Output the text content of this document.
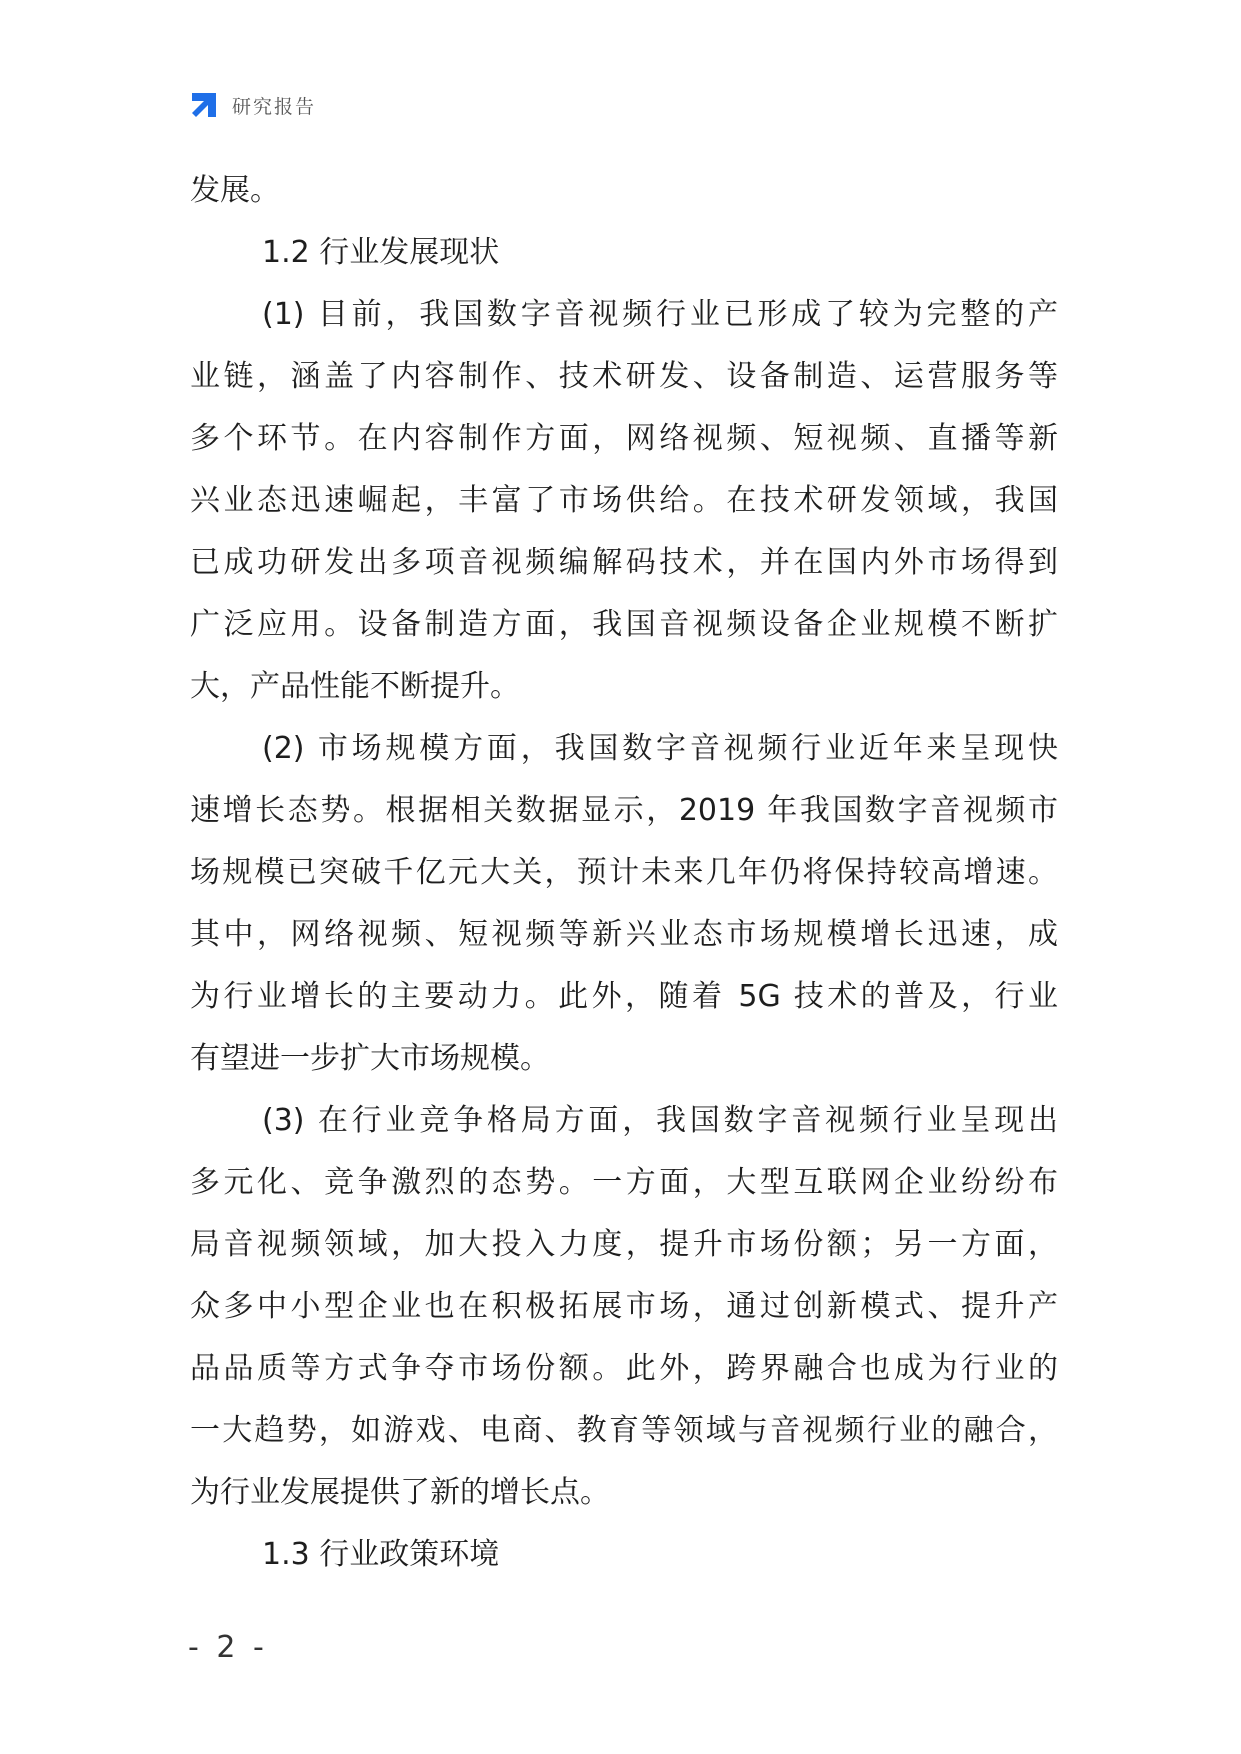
研究报告
发展。
1.2 行业发展现状
(1) 目前，我国数字音视频行业已形成了较为完整的产
业链，涵盖了内容制作、技术研发、设备制造、运营服务等
多个环节。在内容制作方面，网络视频、短视频、直播等新
兴业态迅速崛起，丰富了市场供给。在技术研发领域，我国
已成功研发出多项音视频编解码技术，并在国内外市场得到
广泛应用。设备制造方面，我国音视频设备企业规模不断扩
大，产品性能不断提升。
(2) 市场规模方面，我国数字音视频行业近年来呈现快
速增长态势。根据相关数据显示，2019 年我国数字音视频市
场规模已突破千亿元大关，预计未来几年仍将保持较高增速。
其中，网络视频、短视频等新兴业态市场规模增长迅速，成
为行业增长的主要动力。此外，随着 5G 技术的普及，行业
有望进一步扩大市场规模。
(3) 在行业竞争格局方面，我国数字音视频行业呈现出
多元化、竞争激烈的态势。一方面，大型互联网企业纷纷布
局音视频领域，加大投入力度，提升市场份额；另一方面，
众多中小型企业也在积极拓展市场，通过创新模式、提升产
品品质等方式争夺市场份额。此外，跨界融合也成为行业的
一大趋势，如游戏、电商、教育等领域与音视频行业的融合，
为行业发展提供了新的增长点。
1.3 行业政策环境
- 2 -
